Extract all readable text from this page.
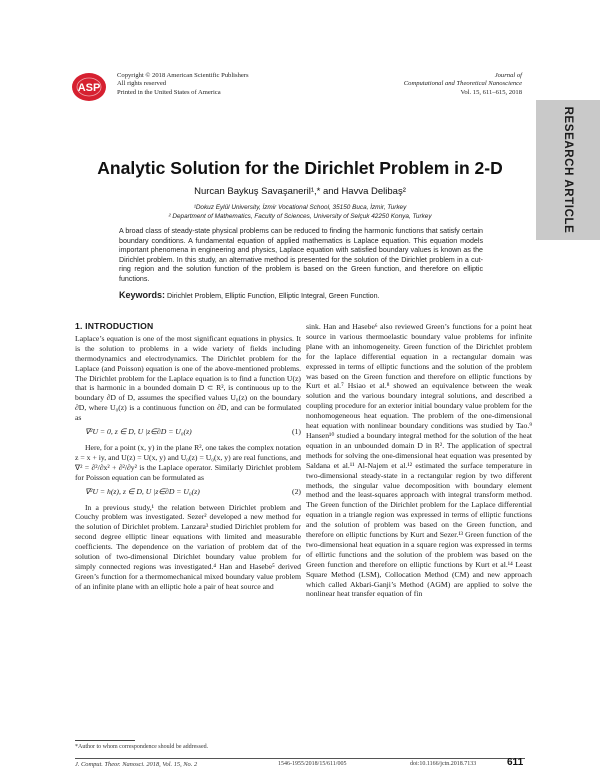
ASP
Copyright © 2018 American Scientific Publishers
All rights reserved
Printed in the United States of America
Journal of
Computational and Theoretical Nanoscience
Vol. 15, 611–615, 2018
RESEARCH ARTICLE
Analytic Solution for the Dirichlet Problem in 2-D
Nurcan Baykuş Savaşaneril¹,* and Havva Delibaş²
¹Dokuz Eylül University, İzmir Vocational School, 35150 Buca, İzmir, Turkey
² Department of Mathematics, Faculty of Sciences, University of Selçuk 42250 Konya, Turkey

A broad class of steady-state physical problems can be reduced to finding the harmonic functions that satisfy certain boundary conditions. A fundamental equation of applied mathematics is Laplace equation. This equation models important phenomena in engineering and physics, Laplace equation with satisfied boundary values is known as the Dirichlet problem. In this study, an alternative method is presented for the solution of the Dirichlet problem in a cut-ring region and the solution function of the problem is based on the Green function, and therefore on elliptic functions.

Keywords: Dirichlet Problem, Elliptic Function, Elliptic Integral, Green Function.
1. INTRODUCTION

Laplace’s equation is one of the most significant equations in physics. It is the solution to problems in a wide variety of fields including thermodynamics and electrodynamics. The Dirichlet problem for the Laplace (and Poisson) equation is one of the above-mentioned problems. The Dirichlet problem for the Laplace equation is to find a function U(z) that is harmonic in a bounded domain D ⊂ R², is continuous up to the boundary ∂D of D, assumes the specified values U₀(z) on the boundary ∂D, where U₀(z) is a continuous function on ∂D, and can be formulated as

∇²U = 0, z ∈ D, U |z∈∂D = U₀(z)	(1)

Here, for a point (x, y) in the plane R², one takes the complex notation z = x + iy, and U(z) = U(x, y) and U₀(z) = U₀(x, y) are real functions, and ∇² = ∂²/∂x² + ∂²/∂y² is the Laplace operator. Similarly Dirichlet problem for Poisson equation can be formulated as

∇²U = h(z), z ∈ D, U |z∈∂D = U₀(z)	(2)

In a previous study,¹ the relation between Dirichlet problem and Couchy problem was investigated. Sezer² developed a new method for the solution of Dirichlet problem. Lanzara³ studied Dirichlet problem for second degree elliptic linear equations with limited and measurable coefficients. The dependence on the variation of problem dat of the solution of two-dimensional Dirichlet boundary value problem for simply connected regions was investigated.⁴ Han and Hasebe⁵ derived Green’s function for a thermomechanical mixed boundary value problem of an infinite plane with an elliptic hole a pair of heat source and

sink. Han and Hasebe⁶ also reviewed Green’s functions for a point heat source in various thermoelastic boundary value problems for infinite plane with an inhomogeneity. Green function of the Dirichlet problem for the laplace differential equation in a rectangular domain was expressed in terms of elliptic functions and the solution of the problem was based on the Green function and therefore on elliptic functions by Kurt et al.⁷ Hsiao et al.⁸ showed an equivalence between the weak solution and the various boundary integral solutions, and described a coupling procedure for an exterior initial boundary value problem for the nonhomogeneous heat equation. The problem of the one-dimensional heat equation with nonlinear boundary conditions was studied by Tao.⁹ Hansen¹⁰ studied a boundary integral method for the solution of the heat equation in an unbounded domain D in R². The application of spectral methods for solving the one-dimensional heat equation was presented by Saldana et al.¹¹ Al-Najem et al.¹² estimated the surface temperature in two-dimensional steady-state in a rectangular region by two different methods, the singular value decomposition with boundary element method and the least-squares approach with integral transform method. The Green function of the Dirichlet problem for the Laplace differential equation in a triangle region was expressed in terms of elliptic functions and the solution of problem was based on the Green function, and therefore on elliptic functions by Kurt and Sezer.¹³ Green function of the two-dimensional heat equation in a square region was expressed in terms of ellirtic functions and the solution of the problem was based on the Green function and therefore on elliptic functions by Kurt et al.¹⁴ Least Square Method (LSM), Collocation Method (CM) and new approach which called Akbari-Ganji’s Method (AGM) are applied to solve the nonlinear heat transfer equation of fin

*Author to whom correspondence should be addressed.
J. Comput. Theor. Nanosci. 2018, Vol. 15, No. 2	1546-1955/2018/15/611/005	doi:10.1166/jctn.2018.7133	611
